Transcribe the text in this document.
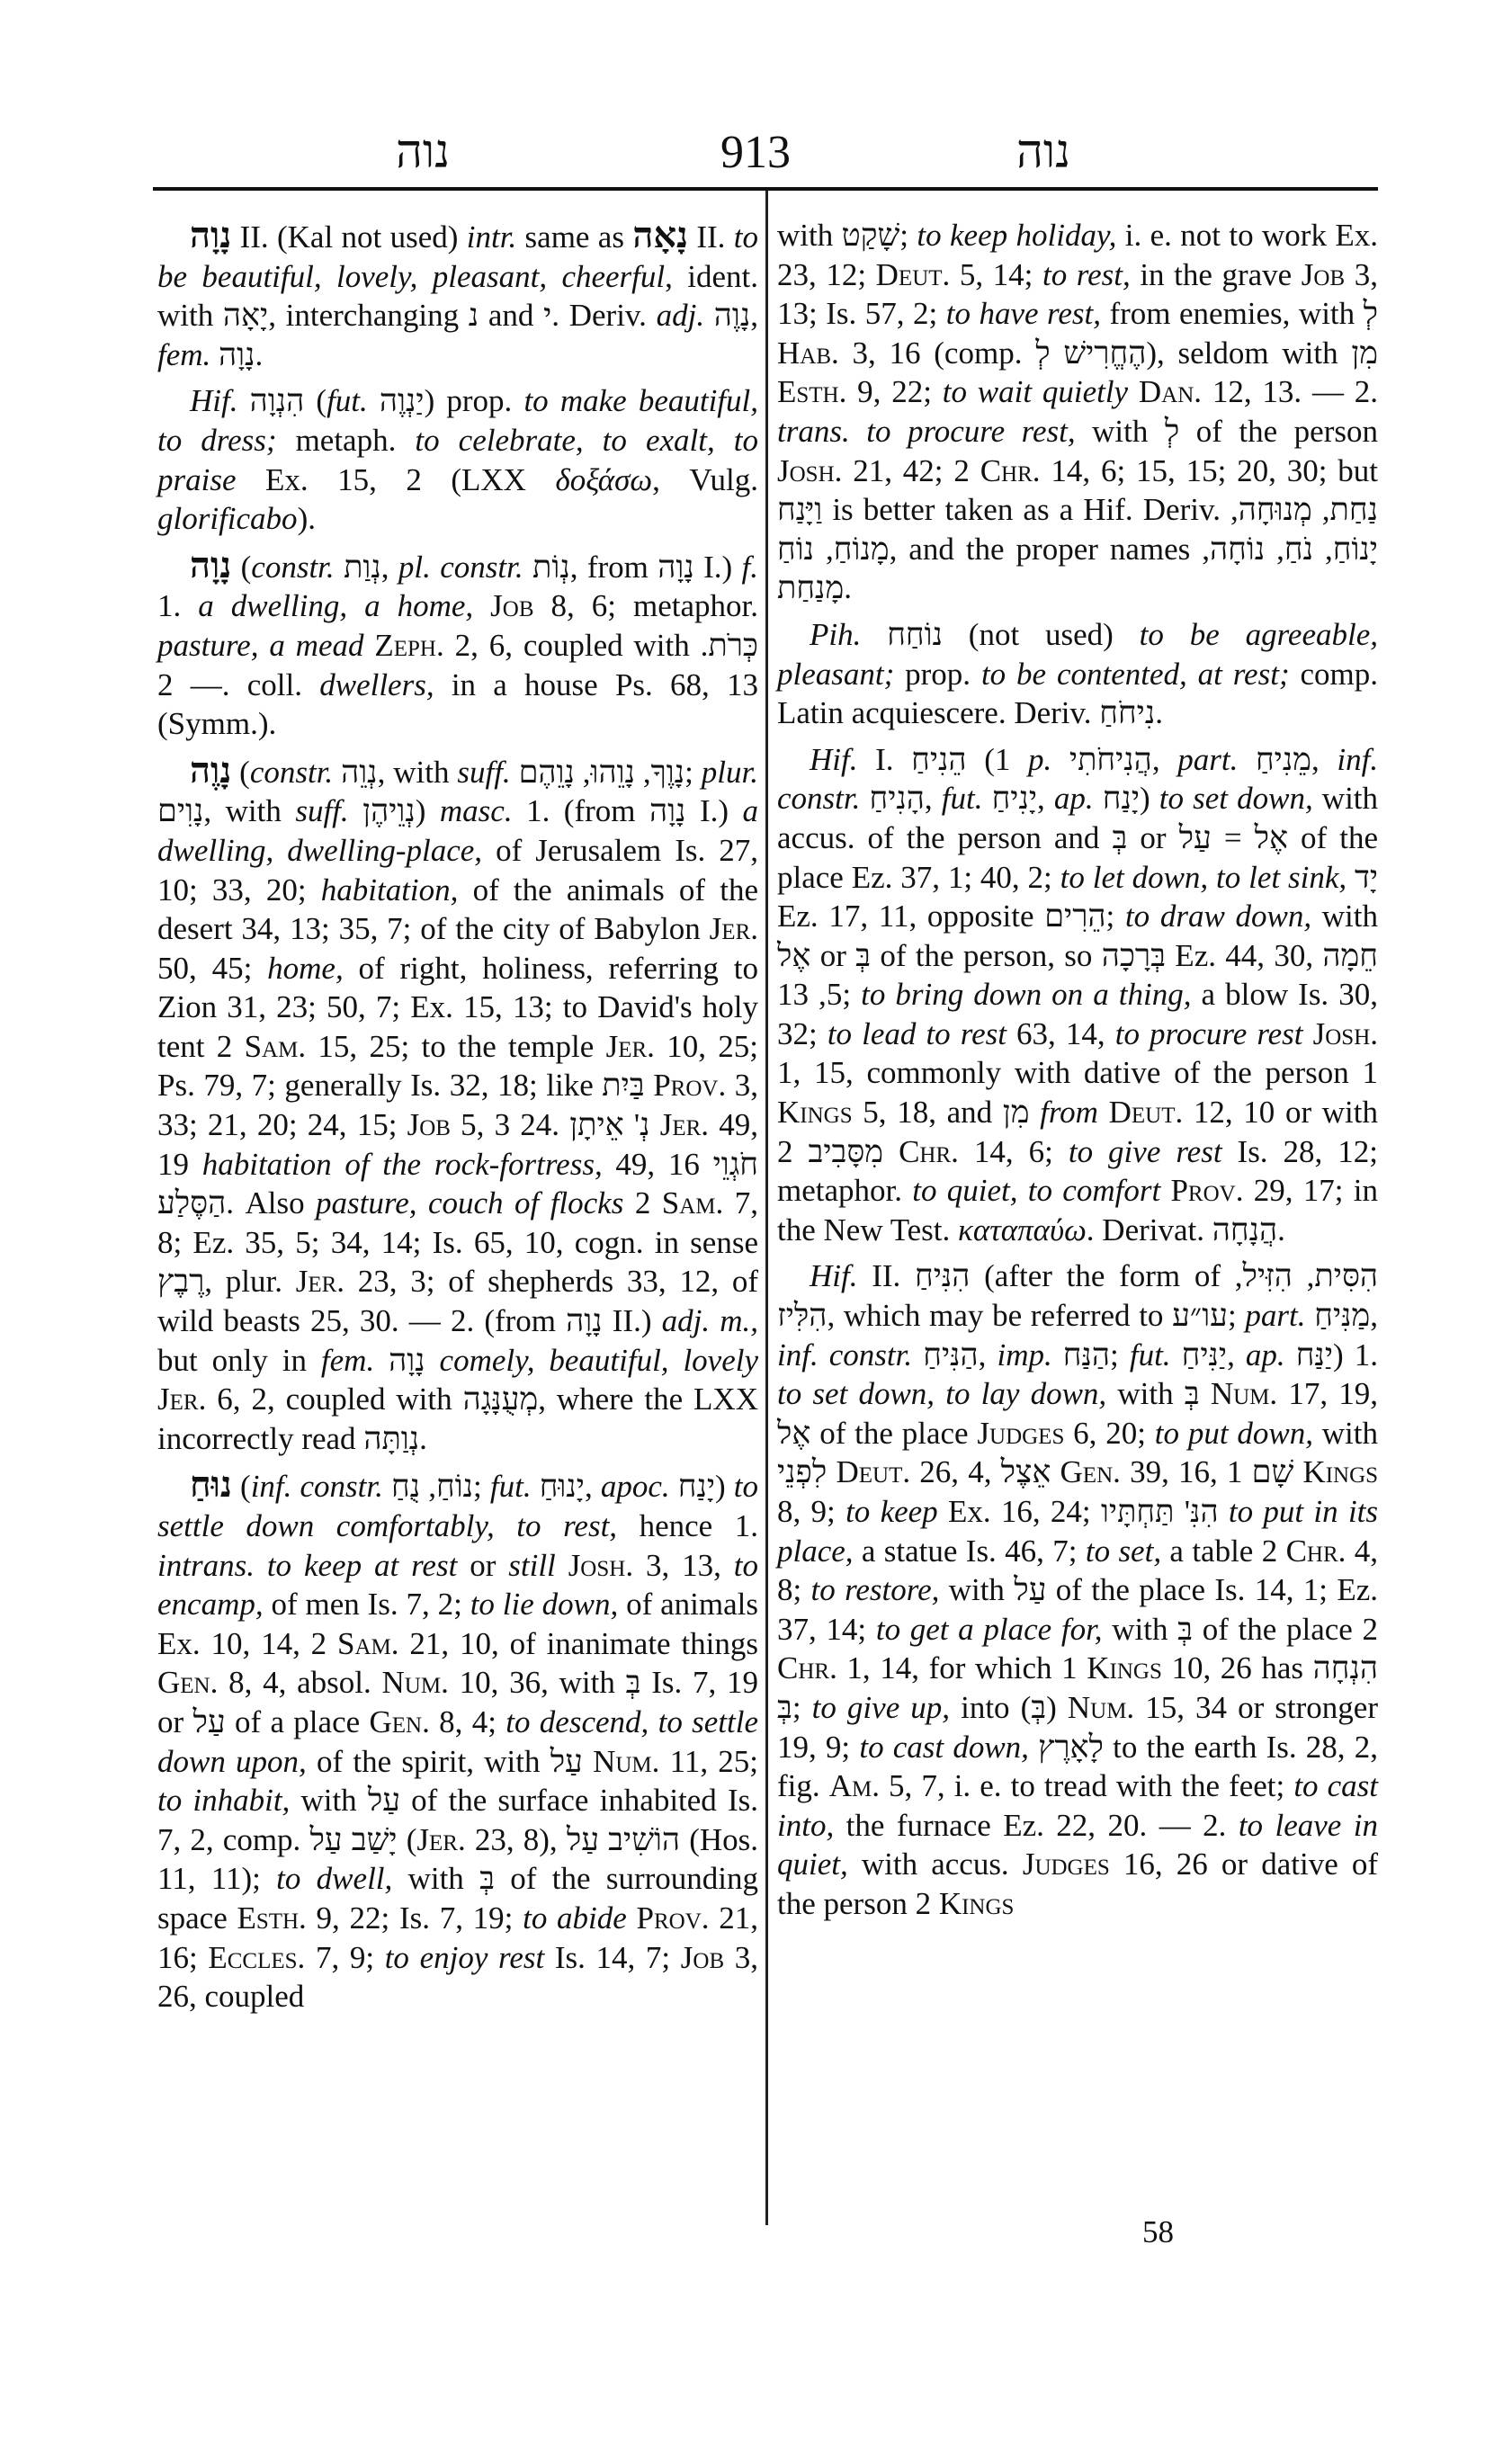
נוה	913	נוה

נָוָה II. (Kal not used) intr. same as נָאָה II. to be beautiful, lovely, pleasant, cheerful, ident. with יָאָה, interchanging נ and י. Deriv. adj. נָוֶה, fem. נָוָה.

Hif. הִנְוָה (fut. יַנְוֶה) prop. to make beautiful, to dress; metaph. to celebrate, to exalt, to praise Ex. 15, 2 (LXX δοξάσω, Vulg. glorificabo).

נָוָה (constr. נְוַת, pl. constr. נְוֹת, from נָוָה I.) f. 1. a dwelling, a home, Job 8, 6; metaphor. pasture, a mead Zeph. 2, 6, coupled with כְּרֹת. — 2. coll. dwellers, in a house Ps. 68, 13 (Symm.).

נָוֶה (constr. נְוֵה, with suff. נָוֶךָ, נָוֵהוּ, נָוֵהֶם; plur. נָוִים, with suff. נְוֵיהֶן) masc. 1. (from נָוָה I.) a dwelling, dwelling-place, of Jerusalem Is. 27, 10; 33, 20; habitation, of the animals of the desert 34, 13; 35, 7; of the city of Babylon Jer. 50, 45; home, of right, holiness, referring to Zion 31, 23; 50, 7; Ex. 15, 13; to David's holy tent 2 Sam. 15, 25; to the temple Jer. 10, 25; Ps. 79, 7; generally Is. 32, 18; like בַּיִת Prov. 3, 33; 21, 20; 24, 15; Job 5, 3 24. נְ' אֵיתָן Jer. 49, 19 habitation of the rock-fortress, 49, 16 חֹגְוֵי הַסֶּלַע. Also pasture, couch of flocks 2 Sam. 7, 8; Ez. 35, 5; 34, 14; Is. 65, 10, cogn. in sense רֶבֶץ, plur. Jer. 23, 3; of shepherds 33, 12, of wild beasts 25, 30. — 2. (from נָוָה II.) adj. m., but only in fem. נָוָה comely, beautiful, lovely Jer. 6, 2, coupled with מְעֻנָּגָה, where the LXX incorrectly read נְוַתָּה.

נוּחַ (inf. constr. נוֹחַ, נֻחַ; fut. יָנוּחַ, apoc. יָנַח) to settle down comfortably, to rest, hence 1. intrans. to keep at rest or still Josh. 3, 13, to encamp, of men Is. 7, 2; to lie down, of animals Ex. 10, 14, 2 Sam. 21, 10, of inanimate things Gen. 8, 4, absol. Num. 10, 36, with בְּ Is. 7, 19 or עַל of a place Gen. 8, 4; to descend, to settle down upon, of the spirit, with עַל Num. 11, 25; to inhabit, with עַל of the surface inhabited Is. 7, 2, comp. יָשַׁב עַל (Jer. 23, 8), הוֹשִׁיב עַל (Hos. 11, 11); to dwell, with בְּ of the surrounding space Esth. 9, 22; Is. 7, 19; to abide Prov. 21, 16; Eccles. 7, 9; to enjoy rest Is. 14, 7; Job 3, 26, coupled

with שָׁקַט; to keep holiday, i. e. not to work Ex. 23, 12; Deut. 5, 14; to rest, in the grave Job 3, 13; Is. 57, 2; to have rest, from enemies, with לְ Hab. 3, 16 (comp. הֶחֱרִישׁ לְ), seldom with מִן Esth. 9, 22; to wait quietly Dan. 12, 13. — 2. trans. to procure rest, with לְ of the person Josh. 21, 42; 2 Chr. 14, 6; 15, 15; 20, 30; but וַיָּנַח is better taken as a Hif. Deriv. נַחַת, מְנוּחָה, מָנוֹחַ, נוֹחַ, and the proper names יָנוֹחַ, נֹחַ, נוֹחָה, מָנַחַת.

Pih. נוֹחַח (not used) to be agreeable, pleasant; prop. to be contented, at rest; comp. Latin acquiescere. Deriv. נִיחֹחַ.

Hif. I. הֵנִיחַ (1 p. הֲנִיחֹתִי, part. מֵנִיחַ, inf. constr. הָנִיחַ, fut. יָנִיחַ, ap. יָנַח) to set down, with accus. of the person and בְּ or אֶל = עַל of the place Ez. 37, 1; 40, 2; to let down, to let sink, יָד Ez. 17, 11, opposite הֵרִים; to draw down, with אֶל or בְּ of the person, so בְּרָכָה Ez. 44, 30, חֵמָה 5, 13; to bring down on a thing, a blow Is. 30, 32; to lead to rest 63, 14, to procure rest Josh. 1, 15, commonly with dative of the person 1 Kings 5, 18, and מִן from Deut. 12, 10 or with מִסָּבִיב 2 Chr. 14, 6; to give rest Is. 28, 12; metaphor. to quiet, to comfort Prov. 29, 17; in the New Test. καταπαύω. Derivat. הֲנָחָה.

Hif. II. הִנִּיחַ (after the form of הִסִּית, הִזִּיל, הִלִּיז, which may be referred to עו״ע; part. מַנִּיחַ, inf. constr. הַנִּיחַ, imp. הַנַּח; fut. יַנִּיחַ, ap. יַנַּח) 1. to set down, to lay down, with בְּ Num. 17, 19, אֶל of the place Judges 6, 20; to put down, with לִפְנֵי Deut. 26, 4, אֵצֶל Gen. 39, 16, שָׁם 1 Kings 8, 9; to keep Ex. 16, 24; הִנִּ' תַּחְתָּיו to put in its place, a statue Is. 46, 7; to set, a table 2 Chr. 4, 8; to restore, with עַל of the place Is. 14, 1; Ez. 37, 14; to get a place for, with בְּ of the place 2 Chr. 1, 14, for which 1 Kings 10, 26 has הִנְחָה בְּ; to give up, into (בְּ) Num. 15, 34 or stronger 19, 9; to cast down, לָאָרֶץ to the earth Is. 28, 2, fig. Am. 5, 7, i. e. to tread with the feet; to cast into, the furnace Ez. 22, 20. — 2. to leave in quiet, with accus. Judges 16, 26 or dative of the person 2 Kings

58
